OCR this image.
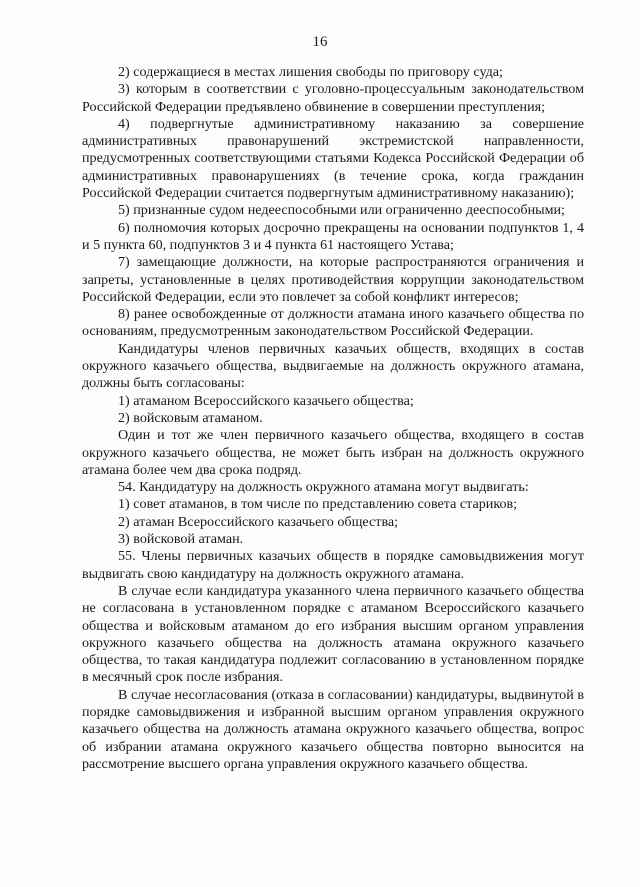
16

2) содержащиеся в местах лишения свободы по приговору суда;

3) которым в соответствии с уголовно-процессуальным законодательством Российской Федерации предъявлено обвинение в совершении преступления;

4) подвергнутые административному наказанию за совершение административных правонарушений экстремистской направленности, предусмотренных соответствующими статьями Кодекса Российской Федерации об административных правонарушениях (в течение срока, когда гражданин Российской Федерации считается подвергнутым административному наказанию);

5) признанные судом недееспособными или ограниченно дееспособными;

6) полномочия которых досрочно прекращены на основании подпунктов 1, 4 и 5 пункта 60, подпунктов 3 и 4 пункта 61 настоящего Устава;

7) замещающие должности, на которые распространяются ограничения и запреты, установленные в целях противодействия коррупции законодательством Российской Федерации, если это повлечет за собой конфликт интересов;

8) ранее освобожденные от должности атамана иного казачьего общества по основаниям, предусмотренным законодательством Российской Федерации.

Кандидатуры членов первичных казачьих обществ, входящих в состав окружного казачьего общества, выдвигаемые на должность окружного атамана, должны быть согласованы:

1) атаманом Всероссийского казачьего общества;

2) войсковым атаманом.

Один и тот же член первичного казачьего общества, входящего в состав окружного казачьего общества, не может быть избран на должность окружного атамана более чем два срока подряд.

54. Кандидатуру на должность окружного атамана могут выдвигать:

1) совет атаманов, в том числе по представлению совета стариков;

2) атаман Всероссийского казачьего общества;

3) войсковой атаман.

55. Члены первичных казачьих обществ в порядке самовыдвижения могут выдвигать свою кандидатуру на должность окружного атамана.

В случае если кандидатура указанного члена первичного казачьего общества не согласована в установленном порядке с атаманом Всероссийского казачьего общества и войсковым атаманом до его избрания высшим органом управления окружного казачьего общества на должность атамана окружного казачьего общества, то такая кандидатура подлежит согласованию в установленном порядке в месячный срок после избрания.

В случае несогласования (отказа в согласовании) кандидатуры, выдвинутой в порядке самовыдвижения и избранной высшим органом управления окружного казачьего общества на должность атамана окружного казачьего общества, вопрос об избрании атамана окружного казачьего общества повторно выносится на рассмотрение высшего органа управления окружного казачьего общества.
